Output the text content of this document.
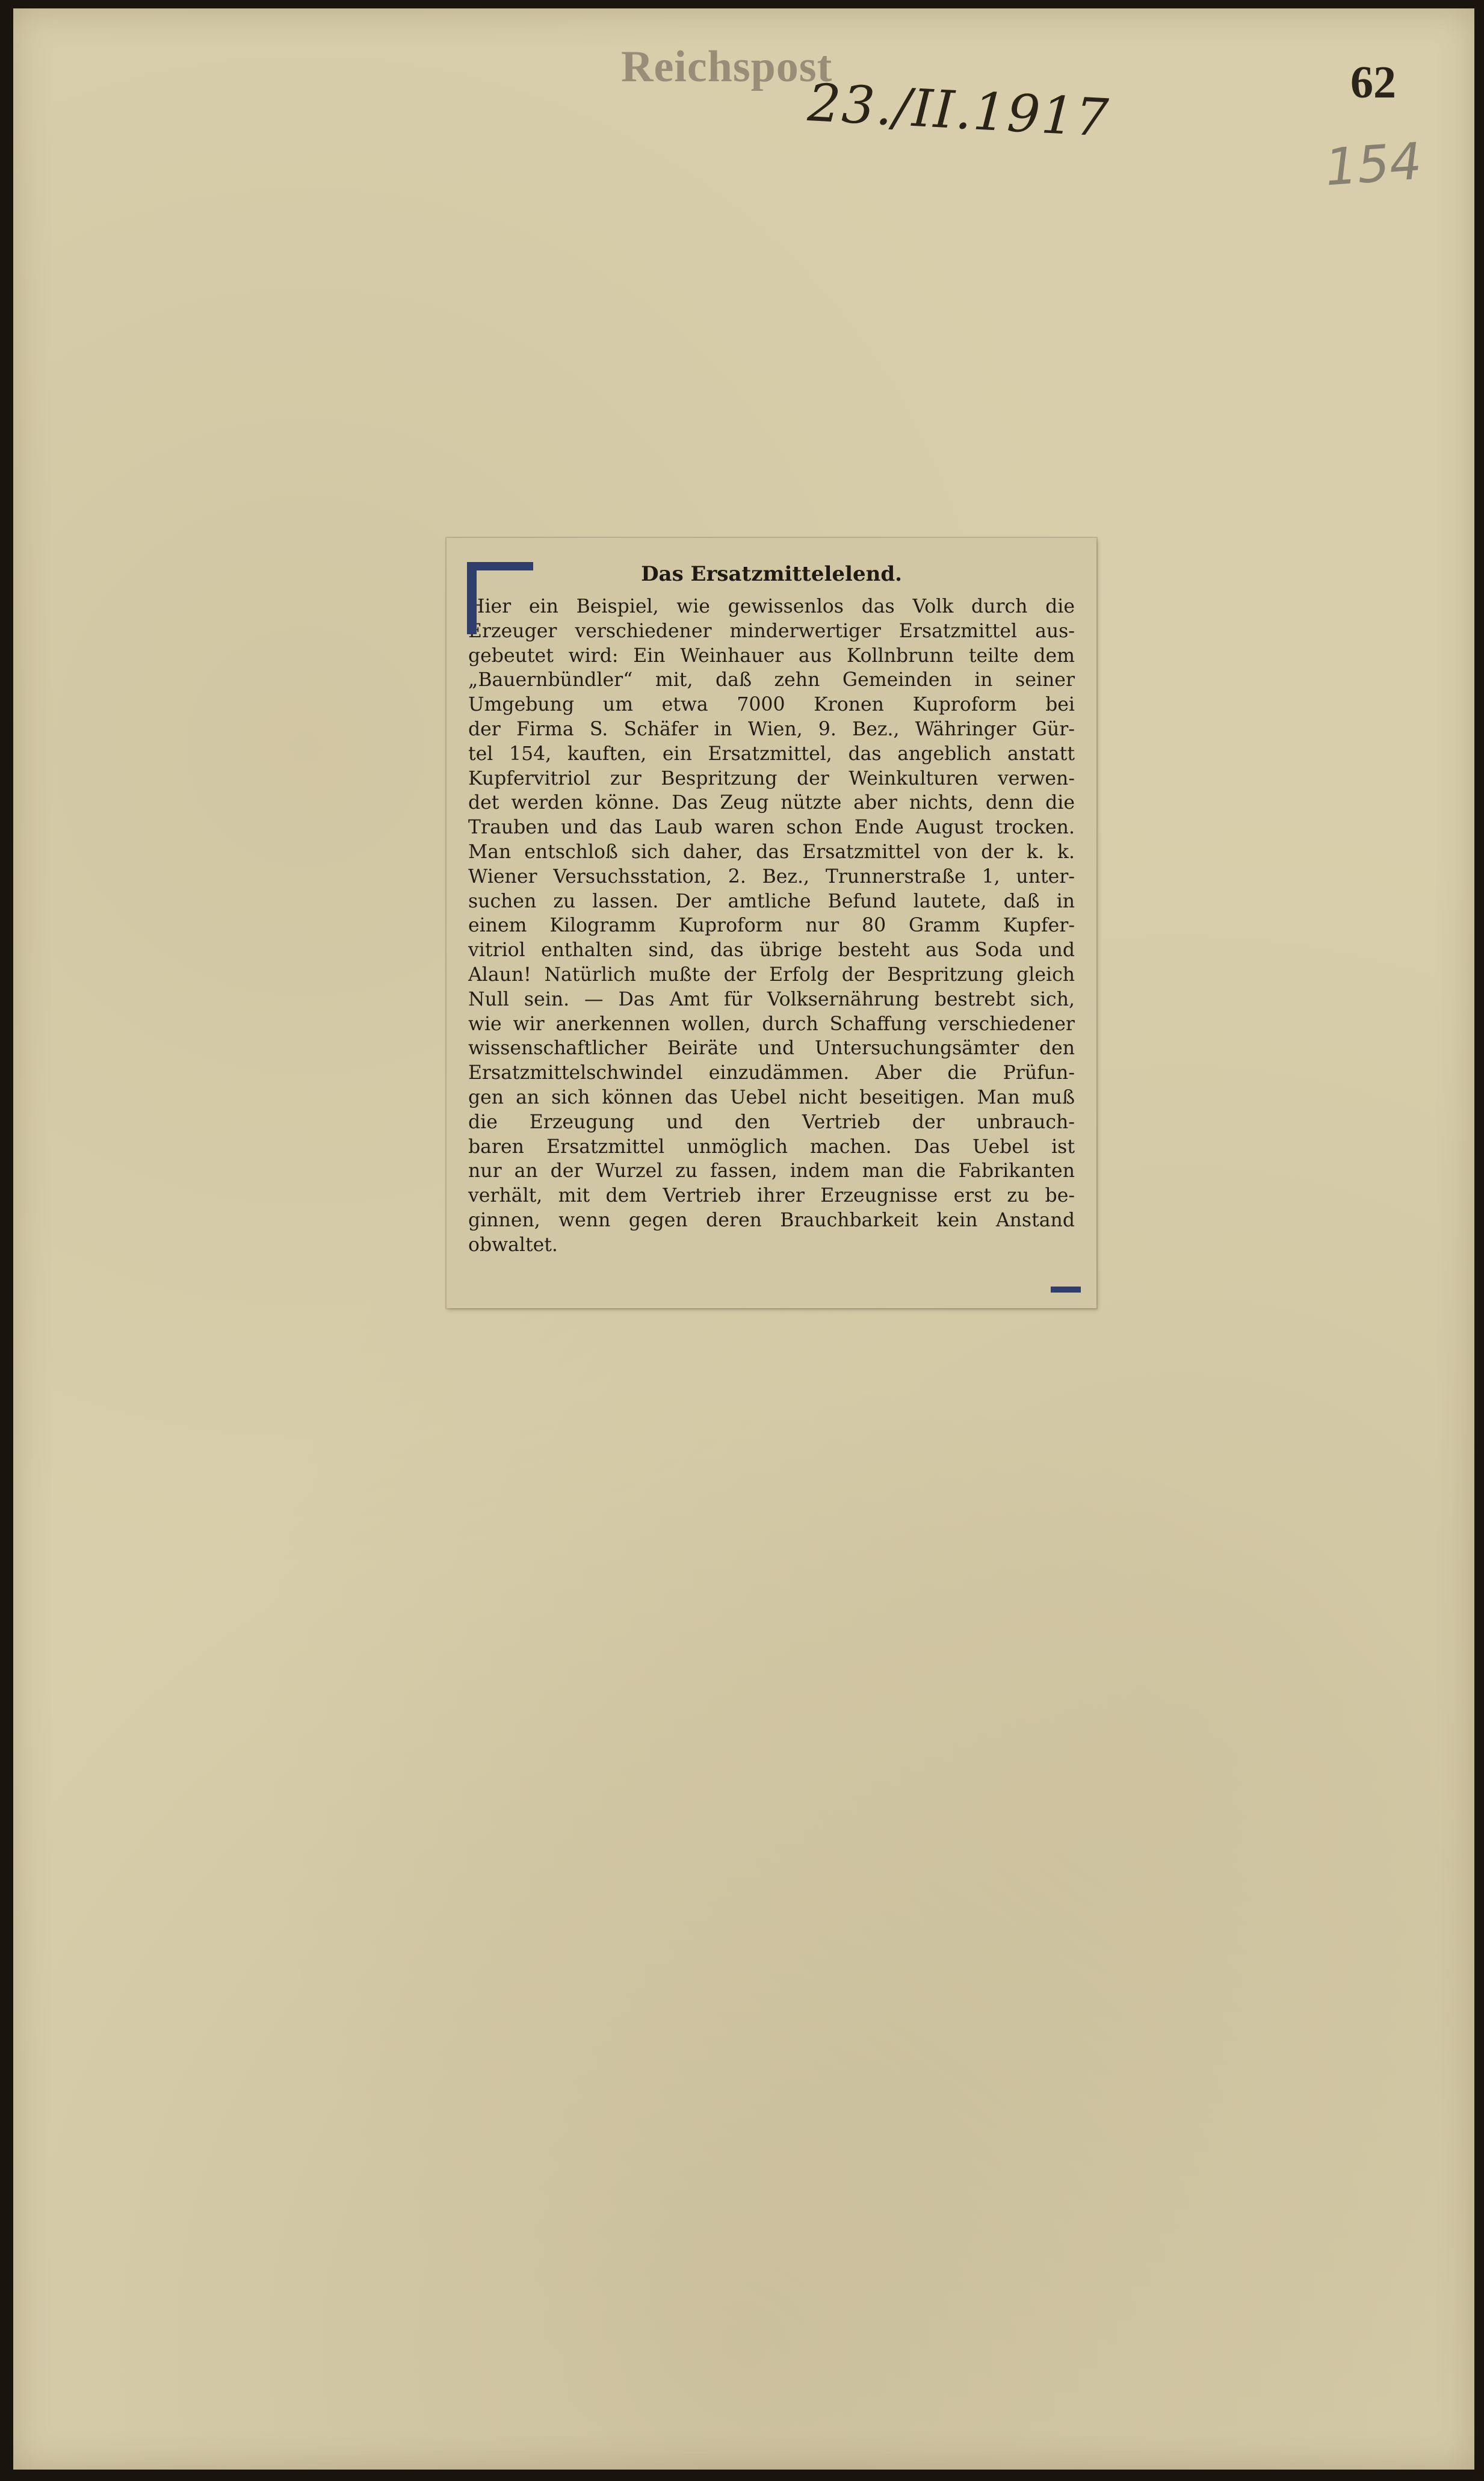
Reichspost
23./II.1917	62
154
Das Ersatzmittelelend.
Hier ein Beispiel, wie gewissenlos das Volk durch die
Erzeuger verschiedener minderwertiger Ersatzmittel aus-
gebeutet wird: Ein Weinhauer aus Kollnbrunn teilte dem
„Bauernbündler“ mit, daß zehn Gemeinden in seiner
Umgebung um etwa 7000 Kronen Kuproform bei
der Firma S. Schäfer in Wien, 9. Bez., Währinger Gür-
tel 154, kauften, ein Ersatzmittel, das angeblich anstatt
Kupfervitriol zur Bespritzung der Weinkulturen verwen-
det werden könne. Das Zeug nützte aber nichts, denn die
Trauben und das Laub waren schon Ende August trocken.
Man entschloß sich daher, das Ersatzmittel von der k. k.
Wiener Versuchsstation, 2. Bez., Trunnerstraße 1, unter-
suchen zu lassen. Der amtliche Befund lautete, daß in
einem Kilogramm Kuproform nur 80 Gramm Kupfer-
vitriol enthalten sind, das übrige besteht aus Soda und
Alaun! Natürlich mußte der Erfolg der Bespritzung gleich
Null sein. — Das Amt für Volksernährung bestrebt sich,
wie wir anerkennen wollen, durch Schaffung verschiedener
wissenschaftlicher Beiräte und Untersuchungsämter den
Ersatzmittelschwindel einzudämmen. Aber die Prüfun-
gen an sich können das Uebel nicht beseitigen. Man muß
die Erzeugung und den Vertrieb der unbrauch-
baren Ersatzmittel unmöglich machen. Das Uebel ist
nur an der Wurzel zu fassen, indem man die Fabrikanten
verhält, mit dem Vertrieb ihrer Erzeugnisse erst zu be-
ginnen, wenn gegen deren Brauchbarkeit kein Anstand
obwaltet.
